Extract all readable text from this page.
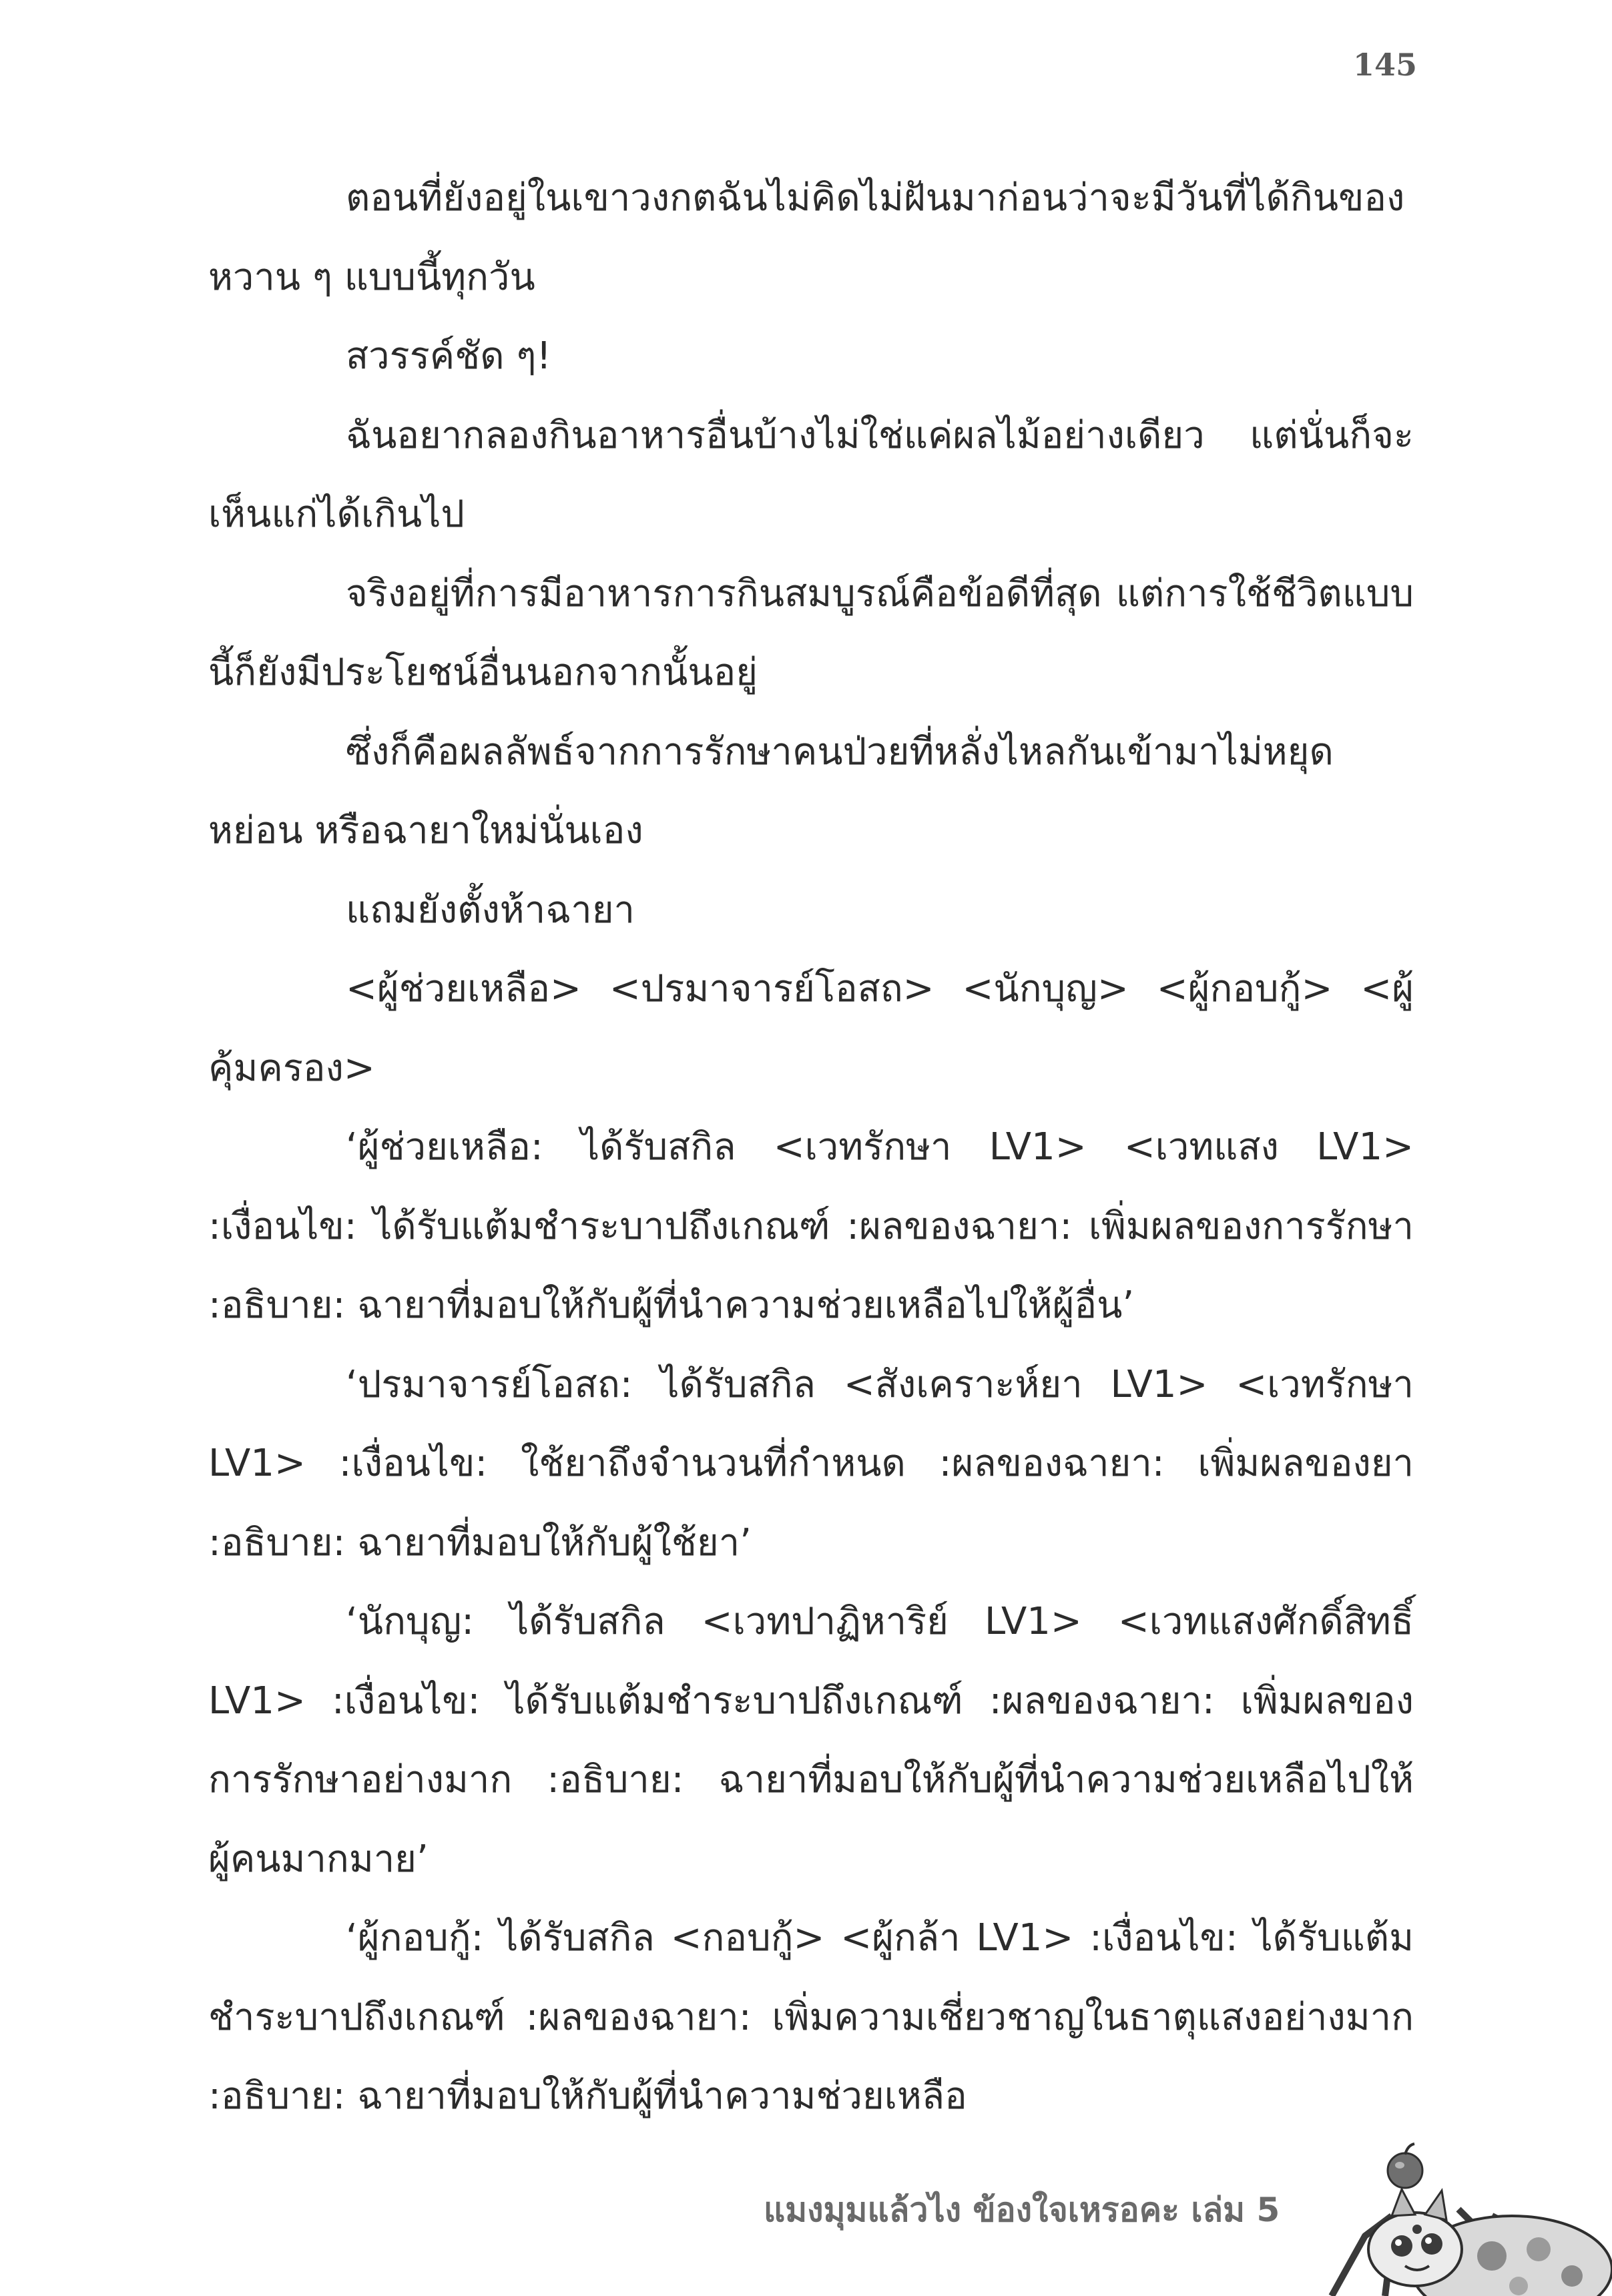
145

ตอนที่ยังอยู่ในเขาวงกตฉันไม่คิดไม่ฝันมาก่อนว่าจะมีวันที่ได้กินของหวาน ๆ แบบนี้ทุกวัน

สวรรค์ชัด ๆ!

ฉันอยากลองกินอาหารอื่นบ้างไม่ใช่แค่ผลไม้อย่างเดียว แต่นั่นก็จะเห็นแก่ได้เกินไป

จริงอยู่ที่การมีอาหารการกินสมบูรณ์คือข้อดีที่สุด แต่การใช้ชีวิตแบบนี้ก็ยังมีประโยชน์อื่นนอกจากนั้นอยู่

ซึ่งก็คือผลลัพธ์จากการรักษาคนป่วยที่หลั่งไหลกันเข้ามาไม่หยุดหย่อน หรือฉายาใหม่นั่นเอง

แถมยังตั้งห้าฉายา

<ผู้ช่วยเหลือ> <ปรมาจารย์โอสถ> <นักบุญ> <ผู้กอบกู้> <ผู้คุ้มครอง>

‘ผู้ช่วยเหลือ: ได้รับสกิล <เวทรักษา LV1> <เวทแสง LV1> :เงื่อนไข: ได้รับแต้มชำระบาปถึงเกณฑ์ :ผลของฉายา: เพิ่มผลของการรักษา :อธิบาย: ฉายาที่มอบให้กับผู้ที่นำความช่วยเหลือไปให้ผู้อื่น’

‘ปรมาจารย์โอสถ: ได้รับสกิล <สังเคราะห์ยา LV1> <เวทรักษา LV1> :เงื่อนไข: ใช้ยาถึงจำนวนที่กำหนด :ผลของฉายา: เพิ่มผลของยา :อธิบาย: ฉายาที่มอบให้กับผู้ใช้ยา’

‘นักบุญ: ได้รับสกิล <เวทปาฏิหาริย์ LV1> <เวทแสงศักดิ์สิทธิ์ LV1> :เงื่อนไข: ได้รับแต้มชำระบาปถึงเกณฑ์ :ผลของฉายา: เพิ่มผลของการรักษาอย่างมาก :อธิบาย: ฉายาที่มอบให้กับผู้ที่นำความช่วยเหลือไปให้ผู้คนมากมาย’

‘ผู้กอบกู้: ได้รับสกิล <กอบกู้> <ผู้กล้า LV1> :เงื่อนไข: ได้รับแต้มชำระบาปถึงเกณฑ์ :ผลของฉายา: เพิ่มความเชี่ยวชาญในธาตุแสงอย่างมาก :อธิบาย: ฉายาที่มอบให้กับผู้ที่นำความช่วยเหลือ

แมงมุมแล้วไง ข้องใจเหรอคะ เล่ม 5
